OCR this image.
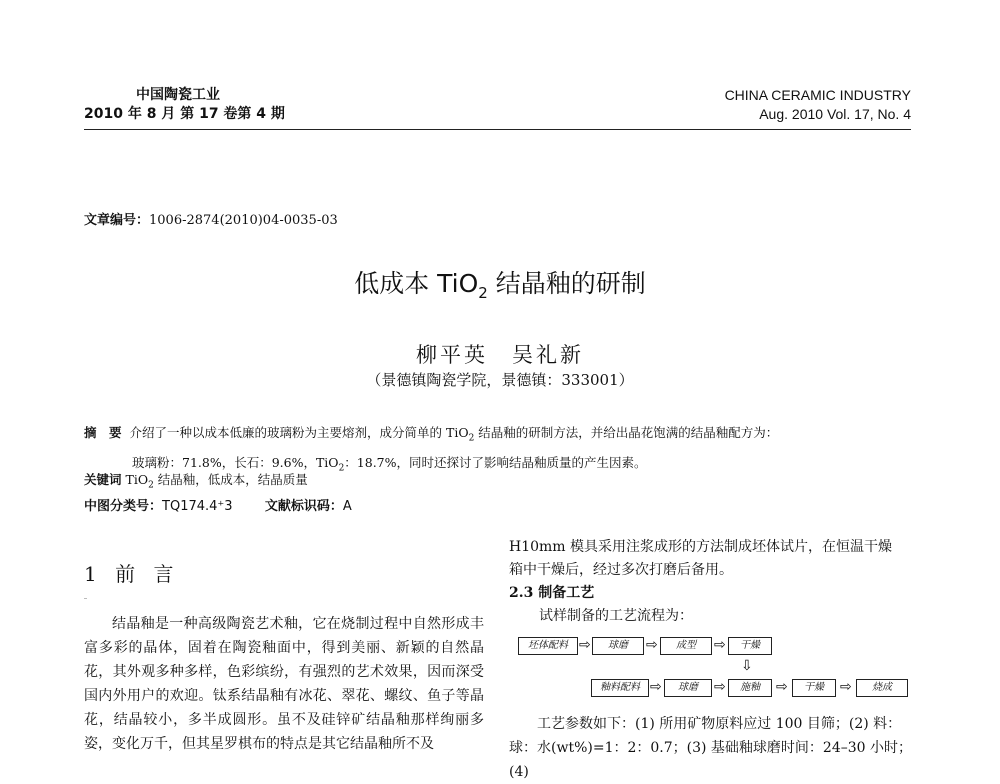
中国陶瓷工业
2010 年 8 月 第 17 卷第 4 期
CHINA CERAMIC INDUSTRY
Aug. 2010 Vol. 17, No. 4
文章编号：1006-2874(2010)04-0035-03
低成本 TiO$_2$ 结晶釉的研制
柳平英　吴礼新
（景德镇陶瓷学院，景德镇：333001）
摘　要 介绍了一种以成本低廉的玻璃粉为主要熔剂，成分简单的 TiO$_2$ 结晶釉的研制方法，并给出晶花饱满的结晶釉配方为：
玻璃粉：71.8%，长石：9.6%，TiO$_2$：18.7%，同时还探讨了影响结晶釉质量的产生因素。
关键词 TiO$_2$ 结晶釉，低成本，结晶质量
中图分类号：TQ174.4⁺3 文献标识码：A
1 前 言

结晶釉是一种高级陶瓷艺术釉，它在烧制过程中自然形成丰富多彩的晶体，固着在陶瓷釉面中，得到美丽、新颖的自然晶花，其外观多种多样，色彩缤纷，有强烈的艺术效果，因而深受国内外用户的欢迎。钛系结晶釉有冰花、翠花、螺纹、鱼子等晶花，结晶较小，多半成圆形。虽不及硅锌矿结晶釉那样绚丽多姿，变化万千，但其星罗棋布的特点是其它结晶釉所不及

H10mm 模具采用注浆成形的方法制成坯体试片，在恒温干燥

箱中干燥后，经过多次打磨后备用。

2.3 制备工艺

试样制备的工艺流程为：

坯体配料 ⇨	球磨	⇨	成型	⇨	干燥
⇩
釉料配料 ⇨	球磨	⇨	施釉	⇨	干燥	⇨	烧成

工艺参数如下：(1) 所用矿物原料应过 100 目筛；(2) 料：

球：水(wt%)=1：2：0.7；(3) 基础釉球磨时间：24–30 小时；(4)
